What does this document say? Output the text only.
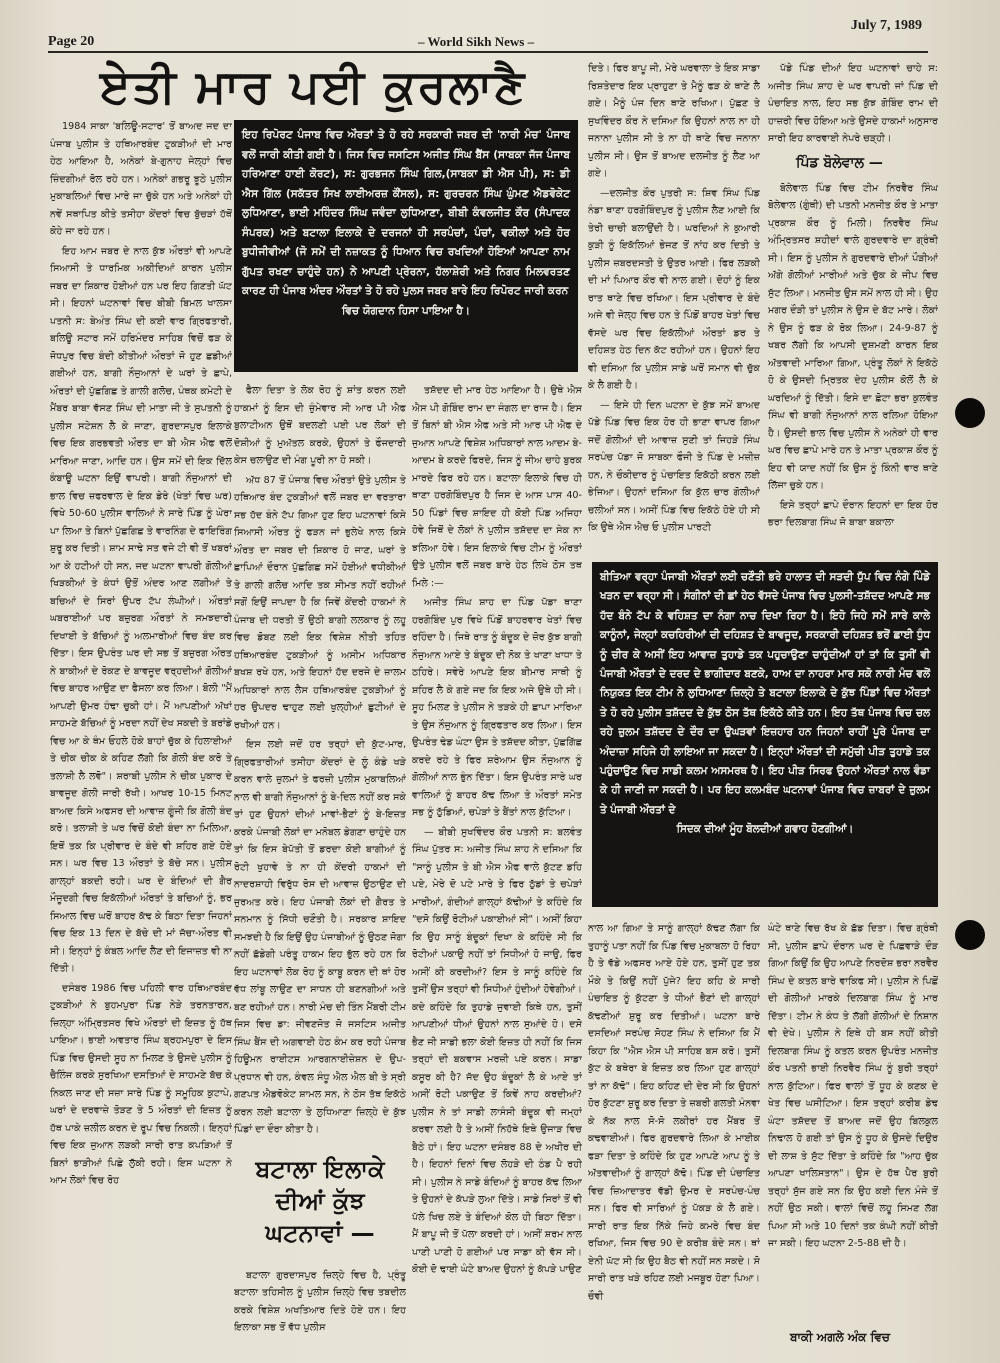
Page 20	– World Sikh News –
July 7, 1989
ਏਤੀ ਮਾਰ ਪਈ ਕੁਰਲਾਣੈ

1984 ਸਾਕਾ 'ਬਲਿਊ-ਸਟਾਰ' ਤੋਂ ਬਾਅਦ ਜਦ ਦਾ ਪੰਜਾਬ ਪੁਲੀਸ ਤੇ ਹਥਿਆਰਬੰਦ ਟੁਕੜੀਆਂ ਦੀ ਮਾਰ ਹੇਠ ਆਇਆ ਹੈ, ਅਨੇਕਾਂ ਬੇ-ਗੁਨਾਹ ਜੇਲ੍ਹਾਂ ਵਿਚ ਜ਼ਿੰਦਗੀਆਂ ਰੋਲ ਰਹੇ ਹਨ। ਅਨੇਕਾਂ ਗਭਰੂ ਝੂਠੇ ਪੁਲੀਸ ਮੁਕਾਬਲਿਆਂ ਵਿਚ ਮਾਰੇ ਜਾ ਚੁੱਕੇ ਹਨ ਅਤੇ ਅਨੇਕਾਂ ਹੀ ਨਵੇਂ ਸਥਾਪਿਤ ਕੀਤੇ ਤਸੀਹਾ ਕੇਂਦਰਾਂ ਵਿਚ ਬੁੱਚੜਾਂ ਹੱਥੋਂ ਕੋਹੇ ਜਾ ਰਹੇ ਹਨ।

ਇਹ ਆਮ ਜਬਰ ਦੇ ਨਾਲ ਕੁੱਝ ਔਰਤਾਂ ਵੀ ਆਪਣੇ ਸਿਆਸੀ ਤੇ ਧਾਰਮਿਕ ਅਕੀਦਿਆਂ ਕਾਰਨ ਪੁਲੀਸ ਜਬਰ ਦਾ ਸ਼ਿਕਾਰ ਹੋਈਆਂ ਹਨ ਪਰ ਇਹ ਗਿਣਤੀ ਘੱਟ ਸੀ। ਇਹਨਾਂ ਘਟਨਾਵਾਂ ਵਿਚ ਬੀਬੀ ਬਿਮਲ ਖਾਲਸਾ ਪਤਨੀ ਸ: ਬੇਅੰਤ ਸਿੰਘ ਦੀ ਕਈ ਵਾਰ ਗ੍ਰਿਫਤਾਰੀ, ਬਲਿਊ ਸਟਾਰ ਸਮੇਂ ਹਰਿਮੰਦਰ ਸਾਹਿਬ ਵਿਚੋਂ ਫੜ ਕੇ ਜੋਧਪੁਰ ਵਿਚ ਬੰਦੀ ਕੀਤੀਆਂ ਔਰਤਾਂ ਜੋ ਹੁਣ ਛਡੀਆਂ ਗਈਆਂ ਹਨ, ਬਾਗੀ ਨੌਜੁਆਨਾਂ ਦੇ ਘਰਾਂ ਤੇ ਛਾਪੇ, ਔਰਤਾਂ ਦੀ ਪੁੱਛਗਿਛ ਤੇ ਗਾਲੀ ਗਲੋਚ, ਪੰਥਕ ਕਮੇਟੀ ਦੇ ਮੈਂਬਰ ਬਾਬਾ ਵੱਸਣ ਸਿੰਘ ਦੀ ਮਾਤਾ ਜੀ ਤੇ ਸੁਪਤਨੀ ਨੂੰ ਪੁਲੀਸ ਸਟੇਸ਼ਨ ਲੈ ਕੇ ਜਾਣਾ, ਗੁਰਦਾਸਪੁਰ ਇਲਾਕੇ ਵਿਚ ਇਕ ਗਰਭਵਤੀ ਔਰਤ ਦਾ ਬੀ ਐਸ ਐਫ ਵਲੋਂ ਮਾਰਿਆ ਜਾਣਾ, ਆਦਿ ਹਨ। ਉਸ ਸਮੇਂ ਦੀ ਇਕ ਦਿੱਲ ਕੰਬਾਊ ਘਟਨਾ ਇਉਂ ਵਾਪਰੀ। ਬਾਗੀ ਨੌਜੁਆਨਾਂ ਦੀ ਭਾਲ ਵਿਚ ਜ਼ਫਰਵਾਲ ਦੇ ਇਕ ਡੇਰੇ (ਖੇਤਾਂ ਵਿਚ ਘਰ) ਵਿਖੇ 50-60 ਪੁਲੀਸ ਵਾਲਿਆਂ ਨੇ ਸਾਰੇ ਪਿੰਡ ਨੂੰ ਘੇਰਾ ਪਾ ਲਿਆ ਤੇ ਬਿਨਾਂ ਪੁੱਛਗਿਛ ਤੇ ਵਾਰਨਿੰਗ ਦੇ ਫਾਇਰਿੰਗ ਸ਼ੁਰੂ ਕਰ ਦਿਤੀ। ਸ਼ਾਮ ਸਾਢੇ ਸਤ ਵਜੇ ਟੀ ਵੀ ਤੋਂ ਖਬਰਾਂ ਆ ਕੇ ਹਟੀਆਂ ਹੀ ਸਨ, ਜਦ ਘਟਨਾ ਵਾਪਰੀ ਗੋਲੀਆਂ ਖਿੜਕੀਆਂ ਤੇ ਕੰਧਾਂ ਉਤੋਂ ਅੰਦਰ ਆਣ ਲਗੀਆਂ ਤੇ ਬਚਿਆਂ ਦੇ ਸਿਰਾਂ ਉਪਰ ਟੱਪ ਲੰਘੀਆਂ। ਔਰਤਾਂ ਘਬਰਾਈਆਂ ਪਰ ਬਜ਼ੁਰਗ ਔਰਤਾਂ ਨੇ ਸਮਝਦਾਰੀ ਦਿਖਾਈ ਤੇ ਬੱਚਿਆਂ ਨੂੰ ਅਲਮਾਰੀਆਂ ਵਿਚ ਬੰਦ ਕਰ ਦਿੱਤਾ। ਇਸ ਉਪਰੰਤ ਘਰ ਦੀ ਸਭ ਤੋਂ ਬਜ਼ੁਰਗ ਔਰਤ ਨੇ ਬਾਕੀਆਂ ਦੇ ਰੋਕਣ ਦੇ ਬਾਵਜੂਦ ਵਰ੍ਹਦੀਆਂ ਗੋਲੀਆਂ ਵਿਚ ਬਾਹਰ ਆਉਣ ਦਾ ਫੈਸਲਾ ਕਰ ਲਿਆ। ਬੋਲੀ "ਮੈਂ ਆਪਣੀ ਉਮਰ ਹੰਢਾ ਚੁਕੀ ਹਾਂ। ਮੈਂ ਆਪਣੀਆਂ ਅੱਖਾਂ ਸਾਹਮਣੇ ਬੱਚਿਆਂ ਨੂੰ ਮਰਦਾ ਨਹੀਂ ਦੇਖ ਸਕਦੀ ਤੇ ਬਰਾਂਡੇ ਵਿਚ ਆ ਕੇ ਥੰਮ ਓਹਲੇ ਹੋਕੇ ਬਾਹਾਂ ਚੁੱਕ ਕੇ ਹਿਲਾਈਆਂ ਤੇ ਚੀਕ ਚੀਕ ਕੇ ਕਹਿਣ ਲੱਗੀ ਕਿ ਗੋਲੀ ਬੰਦ ਕਰੋ ਤੇ ਤਲਾਸ਼ੀ ਲੈ ਲਵੋ"। ਸ਼ਰਾਬੀ ਪੁਲੀਸ ਨੇ ਚੀਕ ਪੁਕਾਰ ਦੇ ਬਾਵਜੂਦ ਗੋਲੀ ਜਾਰੀ ਰੱਖੀ। ਆਖਰ 10-15 ਮਿਨਟ ਬਾਅਦ ਕਿਸੇ ਅਫਸਰ ਦੀ ਆਵਾਜ਼ ਗੂੰਜੀ ਕਿ ਗੋਲੀ ਬੰਦ ਕਰੋ। ਤਲਾਸ਼ੀ ਤੇ ਘਰ ਵਿਚੋਂ ਕੋਈ ਬੰਦਾ ਨਾ ਮਿਲਿਆ, ਇਥੋਂ ਤਕ ਕਿ ਪ੍ਰੀਵਾਰ ਦੇ ਬੰਦੇ ਵੀ ਸ਼ਹਿਰ ਗਏ ਹੋਏ ਸਨ। ਘਰ ਵਿਚ 13 ਔਰਤਾਂ ਤੇ ਬੱਚੇ ਸਨ। ਪੁਲੀਸ ਗਾਲ੍ਹਾਂ ਬਕਦੀ ਰਹੀ। ਘਰ ਦੇ ਬੰਦਿਆਂ ਦੀ ਗੈਰ ਮੌਜੂਦਗੀ ਵਿਚ ਇਕੱਲੀਆਂ ਔਰਤਾਂ ਤੇ ਬਚਿਆਂ ਨੂੰ, ਭਰ ਸਿਆਲ ਵਿਚ ਘਰੋਂ ਬਾਹਰ ਕੱਢ ਕੇ ਬਿਠਾ ਦਿਤਾ ਜਿਹਨਾਂ ਵਿਚ ਇਕ 13 ਦਿਨ ਦੇ ਬੱਚੇ ਦੀ ਮਾਂ ਜੱਚਾ-ਔਰਤ ਵੀ ਸੀ। ਇਨ੍ਹਾਂ ਨੂੰ ਕੰਬਲ ਆਦਿ ਲੈਣ ਦੀ ਇਜਾਜ਼ਤ ਵੀ ਨਾ ਦਿੱਤੀ।

ਦਸੰਬਰ 1986 ਵਿਚ ਪਹਿਲੀ ਵਾਰ ਹਥਿਆਰਬੰਦ ਟੁਕੜੀਆਂ ਨੇ ਬੁਹਮਪੁਰਾ ਪਿੰਡ ਨੇੜੇ ਤਰਨਤਾਰਨ, ਜ਼ਿਲ੍ਹਾ ਅੰਮ੍ਰਿਤਸਰ ਵਿਖੇ ਔਰਤਾਂ ਦੀ ਇਜ਼ਤ ਨੂੰ ਹੱਥ ਪਾਇਆ। ਭਾਈ ਅਵਤਾਰ ਸਿੰਘ ਬ੍ਰਹਮਪੁਰਾ ਦੇ ਇਸ ਪਿੰਡ ਵਿਚ ਉਸਦੀ ਸੂਹ ਨਾ ਮਿਲਣ ਤੇ ਉਸਦੇ ਪੁਲੀਸ ਨੂੰ ਚੈਲਿੰਜ ਕਰਕੇ ਸੁਰਖਿਆ ਦਸਤਿਆਂ ਦੇ ਸਾਹਮਣੇ ਬੱਚ ਕੇ ਨਿਕਲ ਜਾਣ ਦੀ ਸਜ਼ਾ ਸਾਰੇ ਪਿੰਡ ਨੂੰ ਸਮੂਹਿਕ ਕੁਟਾਪੇ, ਘਰਾਂ ਦੇ ਦਰਵਾਜ਼ੇ ਤੋੜਣ ਤੇ 5 ਔਰਤਾਂ ਦੀ ਇਜ਼ਤ ਨੂੰ ਹੱਥ ਪਾਕੇ ਜ਼ਲੀਲ ਕਰਨ ਦੇ ਰੂਪ ਵਿਚ ਨਿਕਲੀ। ਇਨ੍ਹਾਂ ਵਿਚ ਇਕ ਜੁਆਨ ਲੜਕੀ ਸਾਰੀ ਰਾਤ ਕਪੜਿਆਂ ਤੋਂ ਬਿਨਾਂ ਭਾੜੀਆਂ ਪਿਛੇ ਲੁੱਕੀ ਰਹੀ। ਇਸ ਘਟਨਾ ਨੇ ਆਮ ਲੋਕਾਂ ਵਿਚ ਰੋਹ

ਇਹ ਰਿਪੋਰਟ ਪੰਜਾਬ ਵਿਚ ਔਰਤਾਂ ਤੇ ਹੋ ਰਹੇ ਸਰਕਾਰੀ ਜਬਰ ਦੀ 'ਨਾਰੀ ਮੰਚ' ਪੰਜਾਬ ਵਲੋਂ ਜਾਰੀ ਕੀਤੀ ਗਈ ਹੈ। ਜਿਸ ਵਿਚ ਜਸਟਿਸ ਅਜੀਤ ਸਿੰਘ ਬੈਂਸ (ਸਾਬਕਾ ਜੱਜ ਪੰਜਾਬ ਹਰਿਆਣਾ ਹਾਈ ਕੋਰਟ), ਸ: ਗੁਰਭਜਨ ਸਿੰਘ ਗਿਲ,(ਸਾਬਕਾ ਡੀ ਐਸ ਪੀ), ਸ: ਡੀ ਐਸ ਗਿੱਲ (ਸਕੱਤਰ ਸਿਖ ਲਾਈਅਰਜ਼ ਕੌਂਸਲ), ਸ: ਗੁਰਚਰਨ ਸਿੰਘ ਘੁੰਮਣ ਐਡਵੋਕੇਟ ਲੁਧਿਆਣਾ, ਭਾਈ ਮਹਿੰਦਰ ਸਿੰਘ ਜਵੰਦਾ ਲੁਧਿਆਣਾ, ਬੀਬੀ ਕੰਵਲਜੀਤ ਕੌਰ (ਸੰਪਾਦਕ ਸੰਪਰਕ) ਅਤੇ ਬਟਾਲਾ ਇਲਾਕੇ ਦੇ ਦਰਜਨਾਂ ਹੀ ਸਰਪੰਚਾਂ, ਪੰਚਾਂ, ਵਕੀਲਾਂ ਅਤੇ ਹੋਰ ਬੁਧੀਜੀਵੀਆਂ (ਜੋ ਸਮੇਂ ਦੀ ਨਜ਼ਾਕਤ ਨੂੰ ਧਿਆਨ ਵਿਚ ਰਖਦਿਆਂ ਹੋਇਆਂ ਆਪਣਾ ਨਾਮ ਗੁੱਪਤ ਰਖਣਾ ਚਾਹੁੰਦੇ ਹਨ) ਨੇ ਆਪਣੀ ਪ੍ਰੇਰਨਾ, ਹੱਲਾਸ਼ੇਰੀ ਅਤੇ ਨਿਗਰ ਮਿਲਵਰਤਣ ਕਾਰਣ ਹੀ ਪੰਜਾਬ ਅੰਦਰ ਔਰਤਾਂ ਤੇ ਹੋ ਰਹੇ ਪੁਲਸ ਜਬਰ ਬਾਰੇ ਇਹ ਰਿਪੋਰਟ ਜਾਰੀ ਕਰਨ
ਵਿਚ ਯੋਗਦਾਨ ਹਿਸਾ ਪਾਇਆ ਹੈ।

ਫੈਲਾ ਦਿਤਾ ਤੇ ਲੋਕ ਰੋਹ ਨੂੰ ਸ਼ਾਂਤ ਕਰਨ ਲਈ ਹਾਕਮਾਂ ਨੂੰ ਇਸ ਦੀ ਜ਼ੁੰਮੇਵਾਰ ਸੀ ਆਰ ਪੀ ਐਫ ਬੁਲਾਟੀਅਨ ਉਥੋਂ ਬਦਲਣੀ ਪਈ ਪਰ ਲੋਕਾਂ ਦੀ ਦੋਸ਼ੀਆਂ ਨੂੰ ਮੁਅੱਤਲ ਕਰਕੇ, ਉਹਨਾਂ ਤੇ ਫੌਜਦਾਰੀ ਕੇਸ ਚਲਾਉਣ ਦੀ ਮੰਗ ਪੂਰੀ ਨਾ ਹੋ ਸਕੀ।

ਅੱਧ 87 ਤੋਂ ਪੰਜਾਬ ਵਿਚ ਔਰਤਾਂ ਉਤੇ ਪੁਲੀਸ ਤੇ ਹਥਿਆਰ ਬੰਦ ਟੁਕੜੀਆਂ ਵਲੋਂ ਜਬਰ ਦਾ ਵਰਤਾਰਾ ਸਭ ਹੱਦ ਬੰਨੇ ਟੱਪ ਗਿਆ ਹੁਣ ਇਹ ਘਟਨਾਵਾਂ ਕਿਸੇ ਸਿਆਸੀ ਔਰਤ ਨੂੰ ਫੜਨ ਜਾਂ ਭੁਲੇਖੇ ਨਾਲ ਕਿਸੇ ਔਰਤ ਦਾ ਜਬਰ ਦੀ ਸ਼ਿਕਾਰ ਹੋ ਜਾਣ, ਘਰਾਂ ਤੇ ਛਾਪਿਆਂ ਦੌਰਾਨ ਪੁੱਛਗਿਛ ਸਮੇਂ ਹੋਈਆਂ ਵਧੀਕੀਆਂ ਤੇ ਗਾਲੀ ਗਲੋਚ ਆਦਿ ਤਕ ਸੀਮਤ ਨਹੀਂ ਰਹੀਆਂ ਸਗੋਂ ਇਉਂ ਜਾਪਦਾ ਹੈ ਕਿ ਜਿਵੇਂ ਕੇਂਦਰੀ ਹਾਕਮਾਂ ਨੇ ਪੰਜਾਬ ਦੀ ਧਰਤੀ ਤੋਂ ਉਠੀ ਬਾਗੀ ਲਲਕਾਰ ਨੂੰ ਲਹੂ ਵਿਚ ਡੋਬਣ ਲਈ ਇਕ ਵਿਸ਼ੇਸ਼ ਨੀਤੀ ਤਹਿਤ ਹਥਿਆਰਬੰਦ ਟੁਕੜੀਆਂ ਨੂੰ ਅਸੀਮ ਅਧਿਕਾਰ ਬਖਸ਼ ਰਖੇ ਹਨ, ਅਤੇ ਇਹਨਾਂ ਹੱਦ ਦਰਜੇ ਦੇ ਜ਼ਾਲਮ ਅਧਿਕਾਰਾਂ ਨਾਲ ਲੈਸ ਹਥਿਆਰਬੰਦ ਟੁਕੜੀਆਂ ਨੂੰ ਹਰ ਉਪਦਰ ਢਾਹੁਣ ਲਈ ਖੁਲ੍ਹੀਆਂ ਛੁਟੀਆਂ ਦੇ ਰਖੀਆਂ ਹਨ।

ਇਸ ਲਈ ਜਦੋਂ ਹਰ ਤਰ੍ਹਾਂ ਦੀ ਕੁੱਟ-ਮਾਰ, ਗ੍ਰਿਫਤਾਰੀਆਂ ਤਸੀਹਾ ਕੇਂਦਰਾਂ ਦੇ ਲੂੰ ਕੰਡੇ ਖੜੇ ਕਰਨ ਵਾਲੇ ਜ਼ੁਲਮਾਂ ਤੇ ਫਰਜ਼ੀ ਪੁਲੀਸ ਮੁਕਾਬਲਿਆਂ ਨਾਲ ਵੀ ਬਾਗੀ ਨੌਜੁਆਨਾਂ ਨੂੰ ਬੇ-ਦਿਲ ਨਹੀਂ ਕਰ ਸਕੇ ਤਾਂ ਹੁਣ ਉਹਨਾਂ ਦੀਆਂ ਮਾਵਾਂ-ਭੈਣਾਂ ਨੂੰ ਬੇ-ਇਜ਼ਤ ਕਰਕੇ ਪੰਜਾਬੀ ਲੋਕਾਂ ਦਾ ਮਨੋਬਲ ਡੇਗਣਾ ਚਾਹੁੰਦੇ ਹਨ ਤਾਂ ਕਿ ਇਸ ਬੇਪੱਤੀ ਤੋਂ ਡਰਦਾ ਕੋਈ ਬਾਗੀਆਂ ਨੂੰ ਰੋਟੀ ਖੁਹਾਵੇ ਤੇ ਨਾ ਹੀ ਕੇਂਦਰੀ ਹਾਕਮਾਂ ਦੀ ਨਾਦਰਸ਼ਾਹੀ ਵਿਰੁੱਧ ਰੋਸ ਦੀ ਆਵਾਜ਼ ਉਠਾਉਣ ਦੀ ਜੁਰਅਤ ਕਰੇ। ਇਹ ਪੰਜਾਬੀ ਲੋਕਾਂ ਦੀ ਗੈਰਤ ਤੇ ਸਨਮਾਨ ਨੂੰ ਸਿੱਧੀ ਚਣੌਤੀ ਹੈ। ਸਰਕਾਰ ਸ਼ਾਇਦ ਸਮਝਦੀ ਹੈ ਕਿ ਇਉਂ ਉਹ ਪੰਜਾਬੀਆਂ ਨੂੰ ਉਠਣ ਜੋਗਾ ਨਹੀਂ ਛੱਡੇਗੀ ਪਰੰਤੂ ਹਾਕਮ ਇਹ ਭੁੱਲ ਰਹੇ ਹਨ ਕਿ ਇਹ ਘਟਨਾਵਾਂ ਲੋਕ ਰੋਹ ਨੂੰ ਕਾਬੂ ਕਰਨ ਦੀ ਥਾਂ ਹੋਰ ਵੱਧ ਲਾਂਬੂ ਲਾਉਣ ਦਾ ਸਾਧਨ ਹੀ ਬਣਨਗੀਆਂ ਅਤੇ ਬਣ ਰਹੀਆਂ ਹਨ। ਨਾਰੀ ਮੰਚ ਦੀ ਤਿੰਨ ਮੈਂਬਰੀ ਟੀਮ ਜਿਸ ਵਿਚ ਡਾ: ਜੀਵਣਜੋਤ ਜੋ ਜਸਟਿਸ ਅਜੀਤ ਸਿੰਘ ਬੈਂਸ ਦੀ ਅਗਵਾਈ ਹੇਠ ਕੰਮ ਕਰ ਰਹੀ ਪੰਜਾਬ ਹਿਊਮਨ ਰਾਈਟਸ ਆਰਗਨਾਈਜ਼ੇਸ਼ਨ ਦੇ ਉਪ-ਪ੍ਰਧਾਨ ਵੀ ਹਨ, ਕੰਵਲ ਸੰਧੂ ਐਲ ਐਲ ਬੀ ਤੇ ਸ੍ਰੀ ਗਣਪਤ ਐਡਵੋਕੇਟ ਸ਼ਾਮਲ ਸਨ, ਨੇ ਠੋਸ ਤੱਥ ਇਕੱਠੇ ਕਰਨ ਲਈ ਬਟਾਲਾ ਤੇ ਲੁਧਿਆਣਾ ਜ਼ਿਲ੍ਹੇ ਦੇ ਕੁੱਝ ਪਿੰਡਾਂ ਦਾ ਦੌਰਾ ਕੀਤਾ ਹੈ।

ਬਟਾਲਾ ਇਲਾਕੇ ਦੀਆਂ ਕੁੱਝ ਘਟਨਾਵਾਂ —

ਬਟਾਲਾ ਗੁਰਦਾਸਪੁਰ ਜ਼ਿਲ੍ਹੇ ਵਿਚ ਹੈ, ਪ੍ਰੰਤੂ ਬਟਾਲਾ ਤਹਿਸੀਲ ਨੂੰ ਪੁਲੀਸ ਜ਼ਿਲ੍ਹੇ ਵਿਚ ਤਬਦੀਲ ਕਰਕੇ ਵਿਸ਼ੇਸ਼ ਅਖਤਿਆਰ ਦਿਤੇ ਹੋਏ ਹਨ। ਇਹ ਇਲਾਕਾ ਸਭ ਤੋਂ ਵੱਧ ਪੁਲੀਸ

ਤਸ਼ੱਦਦ ਦੀ ਮਾਰ ਹੇਠ ਆਇਆ ਹੈ। ਉਥੇ ਐਸ ਐਸ ਪੀ ਗੋਬਿੰਦ ਰਾਮ ਦਾ ਜੰਗਲ ਦਾ ਰਾਜ ਹੈ। ਇਸ ਤੋਂ ਬਿਨਾਂ ਬੀ ਐਸ ਐਫ ਅਤੇ ਸੀ ਆਰ ਪੀ ਐਫ ਦੇ ਜੁਆਨ ਆਪਣੇ ਵਿਸ਼ੇਸ਼ ਅਧਿਕਾਰਾਂ ਨਾਲ ਆਦਮ ਬੇ-ਆਦਮ ਬੇ ਕਰਦੇ ਫਿਰਦੇ, ਜਿਸ ਨੂੰ ਜੀਅ ਚਾਹੇ ਬੁਰਕ ਮਾਰਦੇ ਫਿਰ ਰਹੇ ਹਨ। ਬਟਾਲਾ ਇਲਾਕੇ ਵਿਚ ਹੀ ਥਾਣਾ ਹਰਗੋਬਿੰਦਪੁਰ ਹੈ ਜਿਸ ਦੇ ਆਸ ਪਾਸ 40-50 ਪਿੰਡਾਂ ਵਿਚ ਸ਼ਾਇਦ ਹੀ ਕੋਈ ਪਿੰਡ ਅਜਿਹਾ ਹੋਵੇ ਜਿਥੋਂ ਦੇ ਲੋਕਾਂ ਨੇ ਪੁਲੀਸ ਤਸ਼ੱਦਦ ਦਾ ਸੇਕ ਨਾ ਝਲਿਆ ਹੋਵੇ। ਇਸ ਇਲਾਕੇ ਵਿਚ ਟੀਮ ਨੂੰ ਔਰਤਾਂ ਉਤੇ ਪੁਲੀਸ ਵਲੋਂ ਜਬਰ ਬਾਰੇ ਹੇਠ ਲਿਖੇ ਠੋਸ ਤਥ ਮਿਲੇ :—

ਅਜੀਤ ਸਿੰਘ ਸ਼ਾਹ ਦਾ ਪਿੰਡ ਪੱਡਾ ਥਾਣਾ ਹਰਗੋਬਿੰਦ ਪੁਰ ਵਿਖੇ ਪਿੰਡੋਂ ਬਾਹਰਵਾਰ ਖੇਤਾਂ ਵਿਚ ਰਹਿੰਦਾ ਹੈ। ਜਿਥੇ ਰਾਤ ਨੂੰ ਬੰਦੂਕ ਦੇ ਜ਼ੋਰ ਕੁੱਝ ਬਾਗੀ ਨੌਜੁਆਨ ਆਏ ਤੇ ਬੰਦੂਕ ਦੀ ਨੋਕ ਤੇ ਖਾਣਾ ਖਾਧਾ ਤੇ ਠਹਿਰੇ। ਸਵੇਰੇ ਆਪਣੇ ਇਕ ਬੀਮਾਰ ਸਾਥੀ ਨੂੰ ਸ਼ਹਿਰ ਲੈ ਕੇ ਗਏ ਜਦ ਕਿ ਇਕ ਅਜੇ ਉਥੇ ਹੀ ਸੀ। ਸੂਹ ਮਿਲਣ ਤੇ ਪੁਲੀਸ ਨੇ ਤੜਕੇ ਹੀ ਛਾਪਾ ਮਾਰਿਆ ਤੇ ਉਸ ਨੌਜੁਆਨ ਨੂੰ ਗ੍ਰਿਫਤਾਰ ਕਰ ਲਿਆ। ਇਸ ਉਪਰੰਤ ਢੇਡ ਘੰਟਾ ਉਸ ਤੇ ਤਸ਼ੱਦਦ ਕੀਤਾ, ਪੁੱਛਗਿੱਛ ਕਰਦੇ ਰਹੇ ਤੇ ਫਿਰ ਸ਼ਰੇਆਮ ਉਸ ਨੌਜੁਆਨ ਨੂੰ ਗੋਲੀਆਂ ਨਾਲ ਭੁੰਨ ਦਿੱਤਾ। ਇਸ ਉਪਰੰਤ ਸਾਰੇ ਘਰ ਵਾਲਿਆਂ ਨੂੰ ਬਾਹਰ ਕੱਢ ਲਿਆ ਤੇ ਔਰਤਾਂ ਸਮੇਤ ਸਭ ਨੂੰ ਠੁੱਡਿਆਂ, ਚਪੇੜਾਂ ਤੇ ਬੈਂਤਾਂ ਨਾਲ ਕੁੱਟਿਆ।

— ਬੀਬੀ ਸੁਖਵਿੰਦਰ ਕੌਰ ਪਤਨੀ ਸ: ਬਲਵੰਤ ਸਿੰਘ ਪੁੱਤਰ ਸ: ਅਜੀਤ ਸਿੰਘ ਸ਼ਾਹ ਨੇ ਦਸਿਆ ਕਿ "ਸਾਨੂੰ ਪੁਲੀਸ ਤੇ ਬੀ ਐਸ ਐਫ ਵਾਲੇ ਕੁੱਟਣ ਡਹਿ ਪਏ, ਮੇਰੇ ਦੋ ਪਟੇ ਮਾਰੇ ਤੇ ਫਿਰ ਠੁੱਡਾਂ ਤੇ ਚਪੇੜਾਂ ਮਾਰੀਆਂ, ਗੰਦੀਆਂ ਗਾਲ੍ਹਾਂ ਕੱਢੀਆਂ ਤੇ ਕਹਿੰਦੇ ਕਿ "ਦਸੋ ਕਿਉਂ ਰੋਟੀਆਂ ਪਕਾਈਆਂ ਸੀ"। ਅਸੀਂ ਕਿਹਾ ਕਿ ਉਹ ਸਾਨੂੰ ਬੰਦੂਕਾਂ ਦਿਖਾ ਕੇ ਕਹਿੰਦੇ ਸੀ ਕਿ ਰੋਟੀਆਂ ਪਕਾਉ ਨਹੀਂ ਤਾਂ ਸਿਧੀਆਂ ਹੋ ਜਾਉ, ਫਿਰ ਅਸੀਂ ਕੀ ਕਰਦੀਆਂ? ਇਸ ਤੇ ਸਾਨੂੰ ਕਹਿੰਦੇ ਕਿ ਤੁਸੀਂ ਉਸ ਤਰ੍ਹਾਂ ਵੀ ਸਿਧੀਆਂ ਹੁੰਦੀਆਂ ਹੋਵੇਗੀਆਂ। ਕਦੇ ਕਹਿੰਦੇ ਕਿ ਤੁਹਾਡੇ ਜੁਵਾਈ ਕਿਥੇ ਹਨ, ਤੁਸੀਂ ਆਪਣੀਆਂ ਧੀਆਂ ਉਹਨਾਂ ਨਾਲ ਸੁਆਂਦੇ ਹੋ। ਦਸੋ ਭੈਣ ਜੀ ਸਾਡੀ ਭਲਾ ਕੋਈ ਇਜ਼ਤ ਹੀ ਨਹੀਂ ਕਿ ਜਿਸ ਤਰ੍ਹਾਂ ਦੀ ਬਕਵਾਸ ਮਰਜ਼ੀ ਪਏ ਕਰਨ। ਸਾਡਾ ਕਸੂਰ ਕੀ ਹੈ? ਜੱਦ ਉਹ ਬੰਦੂਕਾਂ ਲੈ ਕੇ ਆਏ ਤਾਂ ਅਸੀਂ ਰੋਟੀ ਪਕਾਉਣ ਤੋਂ ਕਿਵੇਂ ਨਾਹ ਕਰਦੀਆਂ? ਪੁਲੀਸ ਨੇ ਤਾਂ ਸਾਡੀ ਲਾਸੰਸੀ ਬੰਦੂਕ ਵੀ ਜਮ੍ਹਾਂ ਕਰਵਾ ਲਈ ਹੈ ਤੇ ਅਸੀਂ ਨਿਹੱਥੇ ਇਥੇ ਉਜਾੜ ਵਿਚ ਬੈਠੇ ਹਾਂ। ਇਹ ਘਟਨਾ ਦਸੰਬਰ 88 ਦੇ ਅਖੀਰ ਦੀ ਹੈ। ਇਹਨਾਂ ਦਿਨਾਂ ਵਿਚ ਲੋਹੜੇ ਦੀ ਠੰਡ ਪੈ ਰਹੀ ਸੀ। ਪੁਲੀਸ ਨੇ ਸਾਡੇ ਬੰਦਿਆਂ ਨੂੰ ਬਾਹਰ ਕੱਢ ਲਿਆ ਤੇ ਉਹਨਾਂ ਦੇ ਕੱਪੜੇ ਲੁਆ ਦਿੱਤੇ। ਸਾਡੇ ਸਿਰਾਂ ਤੋਂ ਵੀ ਪੱਲੇ ਖਿਚ ਲਏ ਤੇ ਬੰਦਿਆਂ ਕੋਲ ਹੀ ਬਿਠਾ ਦਿੱਤਾ। ਮੈਂ ਬਾਪੂ ਜੀ ਤੋਂ ਪੱਲਾ ਕਰਦੀ ਹਾਂ। ਅਸੀਂ ਸ਼ਰਮ ਨਾਲ ਪਾਣੀ ਪਾਣੀ ਹੋ ਗਈਆਂ ਪਰ ਸਾਡਾ ਕੀ ਵੱਸ ਸੀ। ਕੋਈ ਦੋ ਢਾਈ ਘੰਟੇ ਬਾਅਦ ਉਹਨਾਂ ਨੂੰ ਕੱਪੜੇ ਪਾਉਣ

ਦਿਤੇ। ਫਿਰ ਬਾਪੂ ਜੀ, ਮੇਰੇ ਘਰਵਾਲਾ ਤੇ ਇਕ ਸਾਡਾ ਰਿਸ਼ਤੇਦਾਰ ਇਕ ਪ੍ਰਾਹੁਣਾ ਤੇ ਮੈਨੂੰ ਫੜ ਕੇ ਥਾਣੇ ਲੈ ਗਏ। ਮੈਨੂੰ ਪੰਜ ਦਿਨ ਥਾਣੇ ਰਖਿਆ। ਪੁੱਛਣ ਤੇ ਸੁਖਵਿੰਦਰ ਕੌਰ ਨੇ ਦਸਿਆ ਕਿ ਉਹਨਾਂ ਨਾਲ ਨਾ ਹੀ ਜਨਾਨਾ ਪੁਲੀਸ ਸੀ ਤੇ ਨਾ ਹੀ ਥਾਣੇ ਵਿਚ ਜਨਾਨਾ ਪੁਲੀਸ ਸੀ। ਉਸ ਤੋਂ ਬਾਅਦ ਦਲਜੀਤ ਨੂੰ ਲੈਣ ਆ ਗਏ।

—ਦਲਜੀਤ ਕੌਰ ਪੁਤਰੀ ਸ: ਸ਼ਿਵ ਸਿੰਘ ਪਿੰਡ ਨੰਡਾ ਥਾਣਾ ਹਰਗੋਬਿੰਦਪੁਰ ਨੂੰ ਪੁਲੀਸ ਲੈਣ ਆਈ ਕਿ ਤੇਰੀ ਚਾਚੀ ਬਲਾਉਂਦੀ ਹੈ। ਘਰਦਿਆਂ ਨੇ ਕੁਆਰੀ ਕੁੜੀ ਨੂੰ ਇਕੱਲਿਆਂ ਭੇਜਣ ਤੋਂ ਨਾਂਹ ਕਰ ਦਿਤੀ ਤੇ ਪੁਲੀਸ ਜ਼ਬਰਦਸਤੀ ਤੇ ਉਤਰ ਆਈ। ਫਿਰ ਲੜਕੀ ਦੀ ਮਾਂ ਪਿਆਰ ਕੌਰ ਵੀ ਨਾਲ ਗਈ। ਦੋਹਾਂ ਨੂੰ ਇਕ ਰਾਤ ਥਾਣੇ ਵਿਚ ਰਖਿਆ। ਇਸ ਪ੍ਰੀਵਾਰ ਦੇ ਬੰਦੇ ਅਜੇ ਵੀ ਜੇਲ੍ਹ ਵਿਚ ਹਨ ਤੇ ਪਿੰਡੋਂ ਬਾਹਰ ਖੇਤਾਂ ਵਿਚ ਵੱਸਦੇ ਘਰ ਵਿਚ ਇਕੱਲੀਆਂ ਔਰਤਾਂ ਡਰ ਤੇ ਦਹਿਸ਼ਤ ਹੇਠ ਦਿਨ ਕੱਟ ਰਹੀਆਂ ਹਨ। ਉਹਨਾਂ ਇਹ ਵੀ ਦਸਿਆ ਕਿ ਪੁਲੀਸ ਸਾਡੇ ਘਰੋਂ ਸਮਾਨ ਵੀ ਚੁੱਕ ਕੇ ਲੈ ਗਈ ਹੈ।

— ਇਸੇ ਹੀ ਦਿਨ ਘਟਨਾ ਦੇ ਕੁੱਝ ਸਮੇਂ ਬਾਅਦ ਪੱਡੇ ਪਿੰਡ ਵਿਚ ਇਕ ਹੋਰ ਹੀ ਭਾਣਾ ਵਾਪਰ ਗਿਆ ਜਦੋਂ ਗੋਲੀਆਂ ਦੀ ਆਵਾਜ਼ ਸੁਣੀ ਤਾਂ ਜਿਹੜੇ ਸਿੰਘ ਸਰਪੰਚ ਪੱਡਾ ਜੋ ਸਾਬਕਾ ਫੌਜੀ ਤੇ ਪਿੰਡ ਦੇ ਮਜ਼ੀਜ਼ ਹਨ, ਨੇ ਚੌਕੀਦਾਰ ਨੂੰ ਪੰਚਾਇਤ ਇਕੱਠੀ ਕਰਨ ਲਈ ਭੇਜਿਆ। ਉਹਨਾਂ ਦਸਿਆ ਕਿ ਕੁੱਲ ਚਾਰ ਗੋਲੀਆਂ ਚਲੀਆਂ ਸਨ। ਅਸੀਂ ਪਿੰਡ ਵਿਚ ਇਕੱਠੇ ਹੋਏ ਹੀ ਸੀ ਕਿ ਉਥੇ ਐਸ ਐਚ ਓ ਪੁਲੀਸ ਪਾਰਟੀ

ਪੱਡੇ ਪਿੰਡ ਦੀਆਂ ਇਹ ਘਟਨਾਵਾਂ ਚਾਹੇ ਸ: ਅਜੀਤ ਸਿੰਘ ਸ਼ਾਹ ਦੇ ਘਰ ਵਾਪਰੀ ਜਾਂ ਪਿੰਡ ਦੀ ਪੰਚਾਇਤ ਨਾਲ, ਇਹ ਸਭ ਕੁੱਝ ਗੋਬਿੰਦ ਰਾਮ ਦੀ ਹਾਜ਼ਰੀ ਵਿਚ ਹੋਇਆ ਅਤੇ ਉਸਦੇ ਹਾਕਮਾਂ ਅਨੁਸਾਰ ਸਾਰੀ ਇਹ ਕਾਰਵਾਈ ਨੇਪਰੇ ਚੜ੍ਹੀ।

ਪਿੰਡ ਬੋਲੇਵਾਲ —

ਬੋਲੇਵਾਲ ਪਿੰਡ ਵਿਚ ਟੀਮ ਨਿਰਵੈਰ ਸਿੰਘ ਬੋਲੇਵਾਲ (ਗੁੰਥੀ) ਦੀ ਪਤਨੀ ਮਨਜੀਤ ਕੌਰ ਤੇ ਮਾਤਾ ਪ੍ਰਕਾਸ਼ ਕੌਰ ਨੂੰ ਮਿਲੀ। ਨਿਰਵੈਰ ਸਿੰਘ ਅੰਮ੍ਰਿਤਸਰ ਸ਼ਹੀਦਾਂ ਵਾਲੇ ਗੁਰਦਵਾਰੇ ਦਾ ਗ੍ਰੰਥੀ ਸੀ। ਇਸ ਨੂੰ ਪੁਲੀਸ ਨੇ ਗੁਰਦਵਾਰੇ ਦੀਆਂ ਪੌੜੀਆਂ ਅੱਗੇ ਗੋਲੀਆਂ ਮਾਰੀਆਂ ਅਤੇ ਚੁੱਕ ਕੇ ਜੀਪ ਵਿਚ ਸੁੱਟ ਲਿਆ। ਮਨਜੀਤ ਉਸ ਸਮੇਂ ਨਾਲ ਹੀ ਸੀ। ਉਹ ਮਗਰ ਦੌੜੀ ਤਾਂ ਪੁਲੀਸ ਨੇ ਉਸ ਦੇ ਬੱਟ ਮਾਰੇ। ਲੋਕਾਂ ਨੇ ਉਸ ਨੂੰ ਫੜ ਕੇ ਰੋਕ ਲਿਆ। 24-9-87 ਨੂੰ ਖਬਰ ਲੱਗੀ ਕਿ ਆਪਸੀ ਦੁਸ਼ਮਣੀ ਕਾਰਨ ਇਕ ਅੱਤਵਾਦੀ ਮਾਰਿਆ ਗਿਆ, ਪ੍ਰੰਤੂ ਲੋਕਾਂ ਨੇ ਇਕੱਠੇ ਹੋ ਕੇ ਉਸਦੀ ਮ੍ਰਿਤਕ ਦੇਹ ਪੁਲੀਸ ਕੋਲੋਂ ਲੈ ਕੇ ਘਰਦਿਆਂ ਨੂੰ ਦਿੱਤੀ। ਇਸੇ ਦਾ ਛੋਟਾ ਭਰਾ ਕੁਲਵੰਤ ਸਿੰਘ ਵੀ ਬਾਗੀ ਨੌਜੁਆਨਾਂ ਨਾਲ ਰਲਿਆ ਹੋਇਆ ਹੈ। ਉਸਦੀ ਭਾਲ ਵਿਚ ਪੁਲੀਸ ਨੇ ਅਨੇਕਾਂ ਹੀ ਵਾਰ ਘਰ ਵਿਚ ਛਾਪੇ ਮਾਰੇ ਹਨ ਤੇ ਮਾਤਾ ਪ੍ਰਕਾਸ਼ ਕੌਰ ਨੂੰ ਇਹ ਵੀ ਯਾਦ ਨਹੀਂ ਕਿ ਉਸ ਨੂੰ ਕਿੰਨੀ ਵਾਰ ਥਾਣੇ ਲਿੱਜਾ ਚੁਕੇ ਹਨ।

ਇਸੇ ਤਰ੍ਹਾਂ ਛਾਪੇ ਦੌਰਾਨ ਇਹਨਾਂ ਦਾ ਇਕ ਹੋਰ ਭਰਾ ਦਿਲਬਾਗ ਸਿੰਘ ਜੋ ਬਾਬਾ ਬਕਾਲਾ

ਬੀਤਿਆ ਵਰ੍ਹਾ ਪੰਜਾਬੀ ਔਰਤਾਂ ਲਈ ਚਣੌਤੀ ਭਰੇ ਹਾਲਾਤ ਦੀ ਸੜਦੀ ਧੁੱਪ ਵਿਚ ਨੰਗੇ ਪਿੰਡੇ ਖੜਨ ਦਾ ਵਰ੍ਹਾ ਸੀ। ਸੰਗੀਨਾਂ ਦੀ ਛਾਂ ਹੇਠ ਵੱਸਦੇ ਪੰਜਾਬ ਵਿਚ ਪੁਲਸੀ-ਤਸ਼ੱਦਦ ਆਪਣੇ ਸਭ ਹੱਦ ਬੰਨੇ ਟੱਪ ਕੇ ਵਹਿਸ਼ਤ ਦਾ ਨੰਗਾ ਨਾਚ ਦਿਖਾ ਰਿਹਾ ਹੈ। ਇਹੋ ਜਿਹੇ ਸਮੇਂ ਸਾਰੇ ਕਾਲੇ ਕਾਨੂੰਨਾਂ, ਜੇਲ੍ਹਾਂ ਕਚਹਿਰੀਆਂ ਦੀ ਦਹਿਸ਼ਤ ਦੇ ਬਾਵਜੂਦ, ਸਰਕਾਰੀ ਦਹਿਸ਼ਤ ਭਰੋਂ ਛਾਈ ਧੁੰਧ ਨੂੰ ਚੀਰ ਕੇ ਅਸੀਂ ਇਹ ਆਵਾਜ਼ ਤੁਹਾਡੇ ਤਕ ਪਹੁਚਾਉਣਾ ਚਾਹੁੰਦੀਆਂ ਹਾਂ ਤਾਂ ਕਿ ਤੁਸੀਂ ਵੀ ਪੰਜਾਬੀ ਔਰਤਾਂ ਦੇ ਦਰਦ ਦੇ ਭਾਗੀਦਾਰ ਬਣਕੇ, ਹਾਅ ਦਾ ਨਾਹਰਾ ਮਾਰ ਸਕੋ ਨਾਰੀ ਮੰਚ ਵਲੋਂ ਨਿਯੁਕਤ ਇਕ ਟੀਮ ਨੇ ਲੁਧਿਆਣਾ ਜ਼ਿਲ੍ਹੇ ਤੇ ਬਟਾਲਾ ਇਲਾਕੇ ਦੇ ਕੁੱਝ ਪਿੰਡਾਂ ਵਿਚ ਔਰਤਾਂ ਤੇ ਹੋ ਰਹੇ ਪੁਲੀਸ ਤਸ਼ੱਦਦ ਦੇ ਕੁੱਝ ਠੋਸ ਤੱਥ ਇਕੱਠੇ ਕੀਤੇ ਹਨ। ਇਹ ਤੱਥ ਪੰਜਾਬ ਵਿਚ ਚਲ ਰਹੇ ਜ਼ੁਲਮ ਤਸ਼ੱਦਦ ਦੇ ਦੌਰ ਦਾ ਉਘੜਵਾਂ ਇਜ਼ਹਾਰ ਹਨ ਜਿਹਨਾਂ ਰਾਹੀਂ ਪੂਰੇ ਪੰਜਾਬ ਦਾ ਅੰਦਾਜ਼ਾ ਸਹਿਜੇ ਹੀ ਲਾਇਆ ਜਾ ਸਕਦਾ ਹੈ। ਇਨ੍ਹਾਂ ਔਰਤਾਂ ਦੀ ਸਮੁੱਚੀ ਪੀੜ ਤੁਹਾਡੇ ਤਕ ਪਹੁੰਚਾਉਣ ਵਿਚ ਸਾਡੀ ਕਲਮ ਅਸਮਰਥ ਹੈ। ਇਹ ਪੀੜ ਸਿਰਫ ਉਹਨਾਂ ਔਰਤਾਂ ਨਾਲ ਵੰਡਾ ਕੇ ਹੀ ਜਾਣੀ ਜਾ ਸਕਦੀ ਹੈ। ਪਰ ਇਹ ਕਲਮਬੰਦ ਘਟਨਾਵਾਂ ਪੰਜਾਬ ਵਿਚ ਜ਼ਾਬਰਾਂ ਦੇ ਜ਼ੁਲਮ ਤੇ ਪੰਜਾਬੀ ਔਰਤਾਂ ਦੇ
ਸਿਦਕ ਦੀਆਂ ਮੂੰਹ ਬੋਲਦੀਆਂ ਗਵਾਹ ਹੋਣਗੀਆਂ।

ਨਾਲ ਆ ਗਿਆ ਤੇ ਸਾਨੂੰ ਗਾਲ੍ਹਾਂ ਕੱਢਣ ਲੱਗਾ ਕਿ ਤੁਹਾਨੂੰ ਪਤਾ ਨਹੀਂ ਕਿ ਪਿੰਡ ਵਿਚ ਮੁਕਾਬਲਾ ਹੋ ਰਿਹਾ ਹੈ ਤੇ ਵੱਡੇ ਅਫਸਰ ਆਏ ਹੋਏ ਹਨ, ਤੁਸੀਂ ਹੁਣ ਤਕ ਮੌਕੇ ਤੇ ਕਿਉਂ ਨਹੀਂ ਪੁੱਜੇ? ਇਹ ਕਹਿ ਕੇ ਸਾਰੀ ਪੰਚਾਇਤ ਨੂੰ ਕੁੱਟਣਾ ਤੇ ਧੀਆਂ ਭੈਣਾਂ ਦੀ ਗਾਲ੍ਹਾਂ ਕੱਢਣੀਆਂ ਸ਼ੁਰੂ ਕਰ ਦਿਤੀਆਂ। ਘਟਨਾ ਬਾਰੇ ਦਸਦਿਆਂ ਸਰਪੰਚ ਸੋਹਣ ਸਿੰਘ ਨੇ ਦਸਿਆ ਕਿ ਮੈਂ ਕਿਹਾ ਕਿ "ਐਸ ਐਸ ਪੀ ਸਾਹਿਬ ਬਸ ਕਰੋ। ਤੁਸੀਂ ਕੁੱਟ ਕੇ ਬਥੇਰਾ ਬੇ ਇਜ਼ਤ ਕਰ ਲਿਆ ਹੁਣ ਗਾਲ੍ਹਾਂ ਤਾਂ ਨਾ ਕੱਢੋ"। ਇਹ ਕਹਿਣ ਦੀ ਦੇਰ ਸੀ ਕਿ ਉਹਨਾਂ ਹੋਰ ਕੁੱਟਣਾ ਸ਼ੁਰੂ ਕਰ ਦਿਤਾ ਤੇ ਜ਼ਬਰੀ ਗਲਤੀ ਮੰਨਵਾ ਕੇ ਨੱਕ ਨਾਲ ਸੋ-ਸੋ ਲਕੀਰਾਂ ਹਰ ਮੈਂਬਰ ਤੋਂ ਕਢਵਾਈਆਂ। ਫਿਰ ਗੁਰਦਵਾਰੇ ਲਿਆ ਕੇ ਮਾਈਕ ਫੜਾ ਦਿਤਾ ਤੇ ਕਹਿੰਦੇ ਕਿ ਹੁਣ ਆਪਣੇ ਆਪ ਨੂੰ ਤੇ ਅੱਤਵਾਦੀਆਂ ਨੂੰ ਗਾਲ੍ਹਾਂ ਕੱਢੋ। ਪਿੰਡ ਦੀ ਪੰਚਾਇਤ ਵਿਚ ਜ਼ਿਆਦਾਤਰ ਵੱਡੀ ਉਮਰ ਦੇ ਸਰਪੰਚ-ਪੰਚ ਸਨ। ਫਿਰ ਵੀ ਸਾਰਿਆਂ ਨੂੰ ਪੱਕੜ ਕੇ ਲੈ ਗਏ। ਸਾਰੀ ਰਾਤ ਇਕ ਨਿੱਕੇ ਜਿਹੇ ਕਮਰੇ ਵਿਚ ਬੰਦ ਰਖਿਆ, ਜਿਸ ਵਿਚ 90 ਦੇ ਕਰੀਬ ਬੰਦੇ ਸਨ। ਥਾਂ ਏਨੀ ਘੱਟ ਸੀ ਕਿ ਉਹ ਬੈਠ ਵੀ ਨਹੀਂ ਸਨ ਸਕਦੇ। ਸੋ ਸਾਰੀ ਰਾਤ ਖੜੇ ਰਹਿਣ ਲਈ ਮਜਬੂਰ ਹੋਣਾ ਪਿਆ। ਚੌਵੀ

ਘੰਟੇ ਥਾਣੇ ਵਿਚ ਰੱਖ ਕੇ ਛੱਡ ਦਿਤਾ। ਵਿਚ ਗ੍ਰੰਥੀ ਸੀ, ਪੁਲੀਸ ਛਾਪੇ ਦੌਰਾਨ ਘਰ ਦੇ ਪਿਛਵਾੜੇ ਦੌੜ ਗਿਆ ਕਿਉਂ ਕਿ ਉਹ ਆਪਣੇ ਨਿਰਦੋਸ਼ ਭਰਾ ਨਰਵੈਰ ਸਿੰਘ ਦੇ ਕਤਲ ਬਾਰੇ ਵਾਕਿਫ ਸੀ। ਪੁਲੀਸ ਨੇ ਪਿਛੋਂ ਦੀ ਗੋਲੀਆਂ ਮਾਰਕੇ ਦਿਲਬਾਗ ਸਿੰਘ ਨੂੰ ਮਾਰ ਦਿੱਤਾ। ਟੀਮ ਨੇ ਕੰਧ ਤੇ ਲੱਗੀ ਗੋਲੀਆਂ ਦੇ ਨਿਸ਼ਾਨ ਵੀ ਦੇਖੇ। ਪੁਲੀਸ ਨੇ ਇਥੇ ਹੀ ਬਸ ਨਹੀਂ ਕੀਤੀ ਦਿਲਬਾਗ ਸਿੰਘ ਨੂੰ ਕਤਲ ਕਰਨ ਉਪਰੰਤ ਮਨਜੀਤ ਕੌਰ ਪਤਨੀ ਭਾਈ ਨਿਰਵੈਰ ਸਿੰਘ ਨੂੰ ਬੁਰੀ ਤਰ੍ਹਾਂ ਨਾਲ ਕੁੱਟਿਆ। ਫਿਰ ਵਾਲਾਂ ਤੋਂ ਧੂਹ ਕੇ ਕਣਕ ਦੇ ਖੇਤ ਵਿਚ ਘਸੀਟਿਆ। ਇਸ ਤਰ੍ਹਾਂ ਕਰੀਬ ਡੇਢ ਘੰਟਾ ਤਸ਼ੱਦਦ ਤੋਂ ਬਾਅਦ ਜਦੋਂ ਉਹ ਬਿਲਕੁਲ ਨਿਢਾਲ ਹੋ ਗਈ ਤਾਂ ਉਸ ਨੂੰ ਧੂਹ ਕੇ ਉਸਦੇ ਦਿਉਰ ਦੀ ਲਾਸ਼ ਤੇ ਸੁੱਟ ਦਿੱਤਾ ਤੇ ਕਹਿੰਦੇ ਕਿ "ਆਹ ਚੁੱਕ ਆਪਣਾ ਖਾਲਿਸਤਾਨ"। ਉਸ ਦੇ ਹੱਥ ਪੈਰ ਬੁਰੀ ਤਰ੍ਹਾਂ ਸੁੱਜ ਗਏ ਸਨ ਕਿ ਉਹ ਕਈ ਦਿਨ ਮੰਜੇ ਤੋਂ ਨਹੀਂ ਉਠ ਸਕੀ। ਵਾਲਾਂ ਵਿਚੋਂ ਲਹੂ ਸਿਮਣ ਲੱਗ ਪਿਆ ਸੀ ਅਤੇ 10 ਦਿਨਾਂ ਤਕ ਕੰਘੀ ਨਹੀਂ ਕੀਤੀ ਜਾ ਸਕੀ। ਇਹ ਘਟਨਾ 2-5-88 ਦੀ ਹੈ।

ਬਾਕੀ ਅਗਲੇ ਅੰਕ ਵਿਚ
